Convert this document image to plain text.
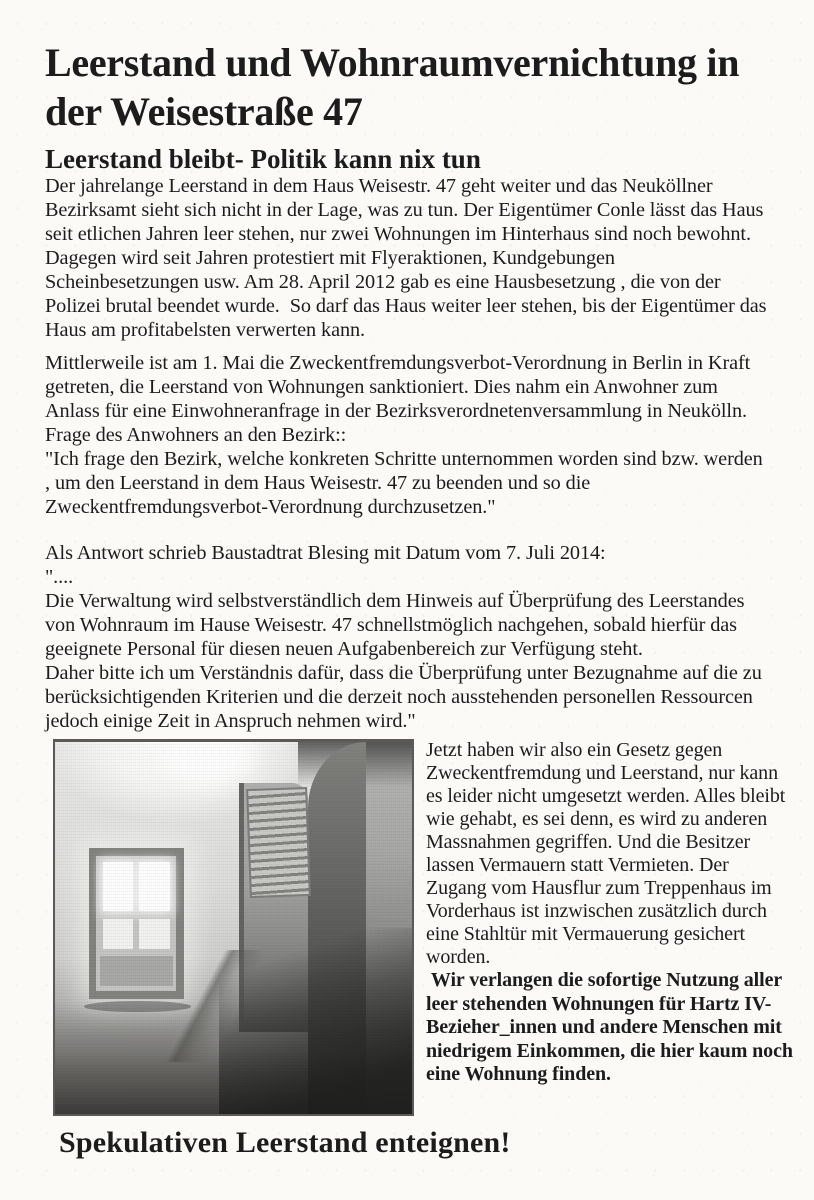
Leerstand und Wohnraumvernichtung in
der Weisestraße 47
Leerstand bleibt- Politik kann nix tun

Der jahrelange Leerstand in dem Haus Weisestr. 47 geht weiter und das Neuköllner Bezirksamt sieht sich nicht in der Lage, was zu tun. Der Eigentümer Conle lässt das Haus seit etlichen Jahren leer stehen, nur zwei Wohnungen im Hinterhaus sind noch bewohnt. Dagegen wird seit Jahren protestiert mit Flyeraktionen, Kundgebungen Scheinbesetzungen usw. Am 28. April 2012 gab es eine Hausbesetzung , die von der Polizei brutal beendet wurde.  So darf das Haus weiter leer stehen, bis der Eigentümer das Haus am profitabelsten verwerten kann.

Mittlerweile ist am 1. Mai die Zweckentfremdungsverbot-Verordnung in Berlin in Kraft getreten, die Leerstand von Wohnungen sanktioniert. Dies nahm ein Anwohner zum Anlass für eine Einwohneranfrage in der Bezirksverordnetenversammlung in Neukölln.

Frage des Anwohners an den Bezirk::

"Ich frage den Bezirk, welche konkreten Schritte unternommen worden sind bzw. werden , um den Leerstand in dem Haus Weisestr. 47 zu beenden und so die Zweckentfremdungsverbot-Verordnung durchzusetzen."

Als Antwort schrieb Baustadtrat Blesing mit Datum vom 7. Juli 2014:

"....

Die Verwaltung wird selbstverständlich dem Hinweis auf Überprüfung des Leerstandes von Wohnraum im Hause Weisestr. 47 schnellstmöglich nachgehen, sobald hierfür das geeignete Personal für diesen neuen Aufgabenbereich zur Verfügung steht.

Daher bitte ich um Verständnis dafür, dass die Überprüfung unter Bezugnahme auf die zu berücksichtigenden Kriterien und die derzeit noch ausstehenden personellen Ressourcen jedoch einige Zeit in Anspruch nehmen wird."

Jetzt haben wir also ein Gesetz gegen Zweckentfremdung und Leerstand, nur kann es leider nicht umgesetzt werden. Alles bleibt wie gehabt, es sei denn, es wird zu anderen Massnahmen gegriffen. Und die Besitzer lassen Vermauern statt Vermieten. Der Zugang vom Hausflur zum Treppenhaus im Vorderhaus ist inzwischen zusätzlich durch eine Stahltür mit Vermauerung gesichert worden.

Wir verlangen die sofortige Nutzung aller leer stehenden Wohnungen für Hartz IV-Bezieher_innen und andere Menschen mit niedrigem Einkommen, die hier kaum noch eine Wohnung finden.

Spekulativen Leerstand enteignen!
